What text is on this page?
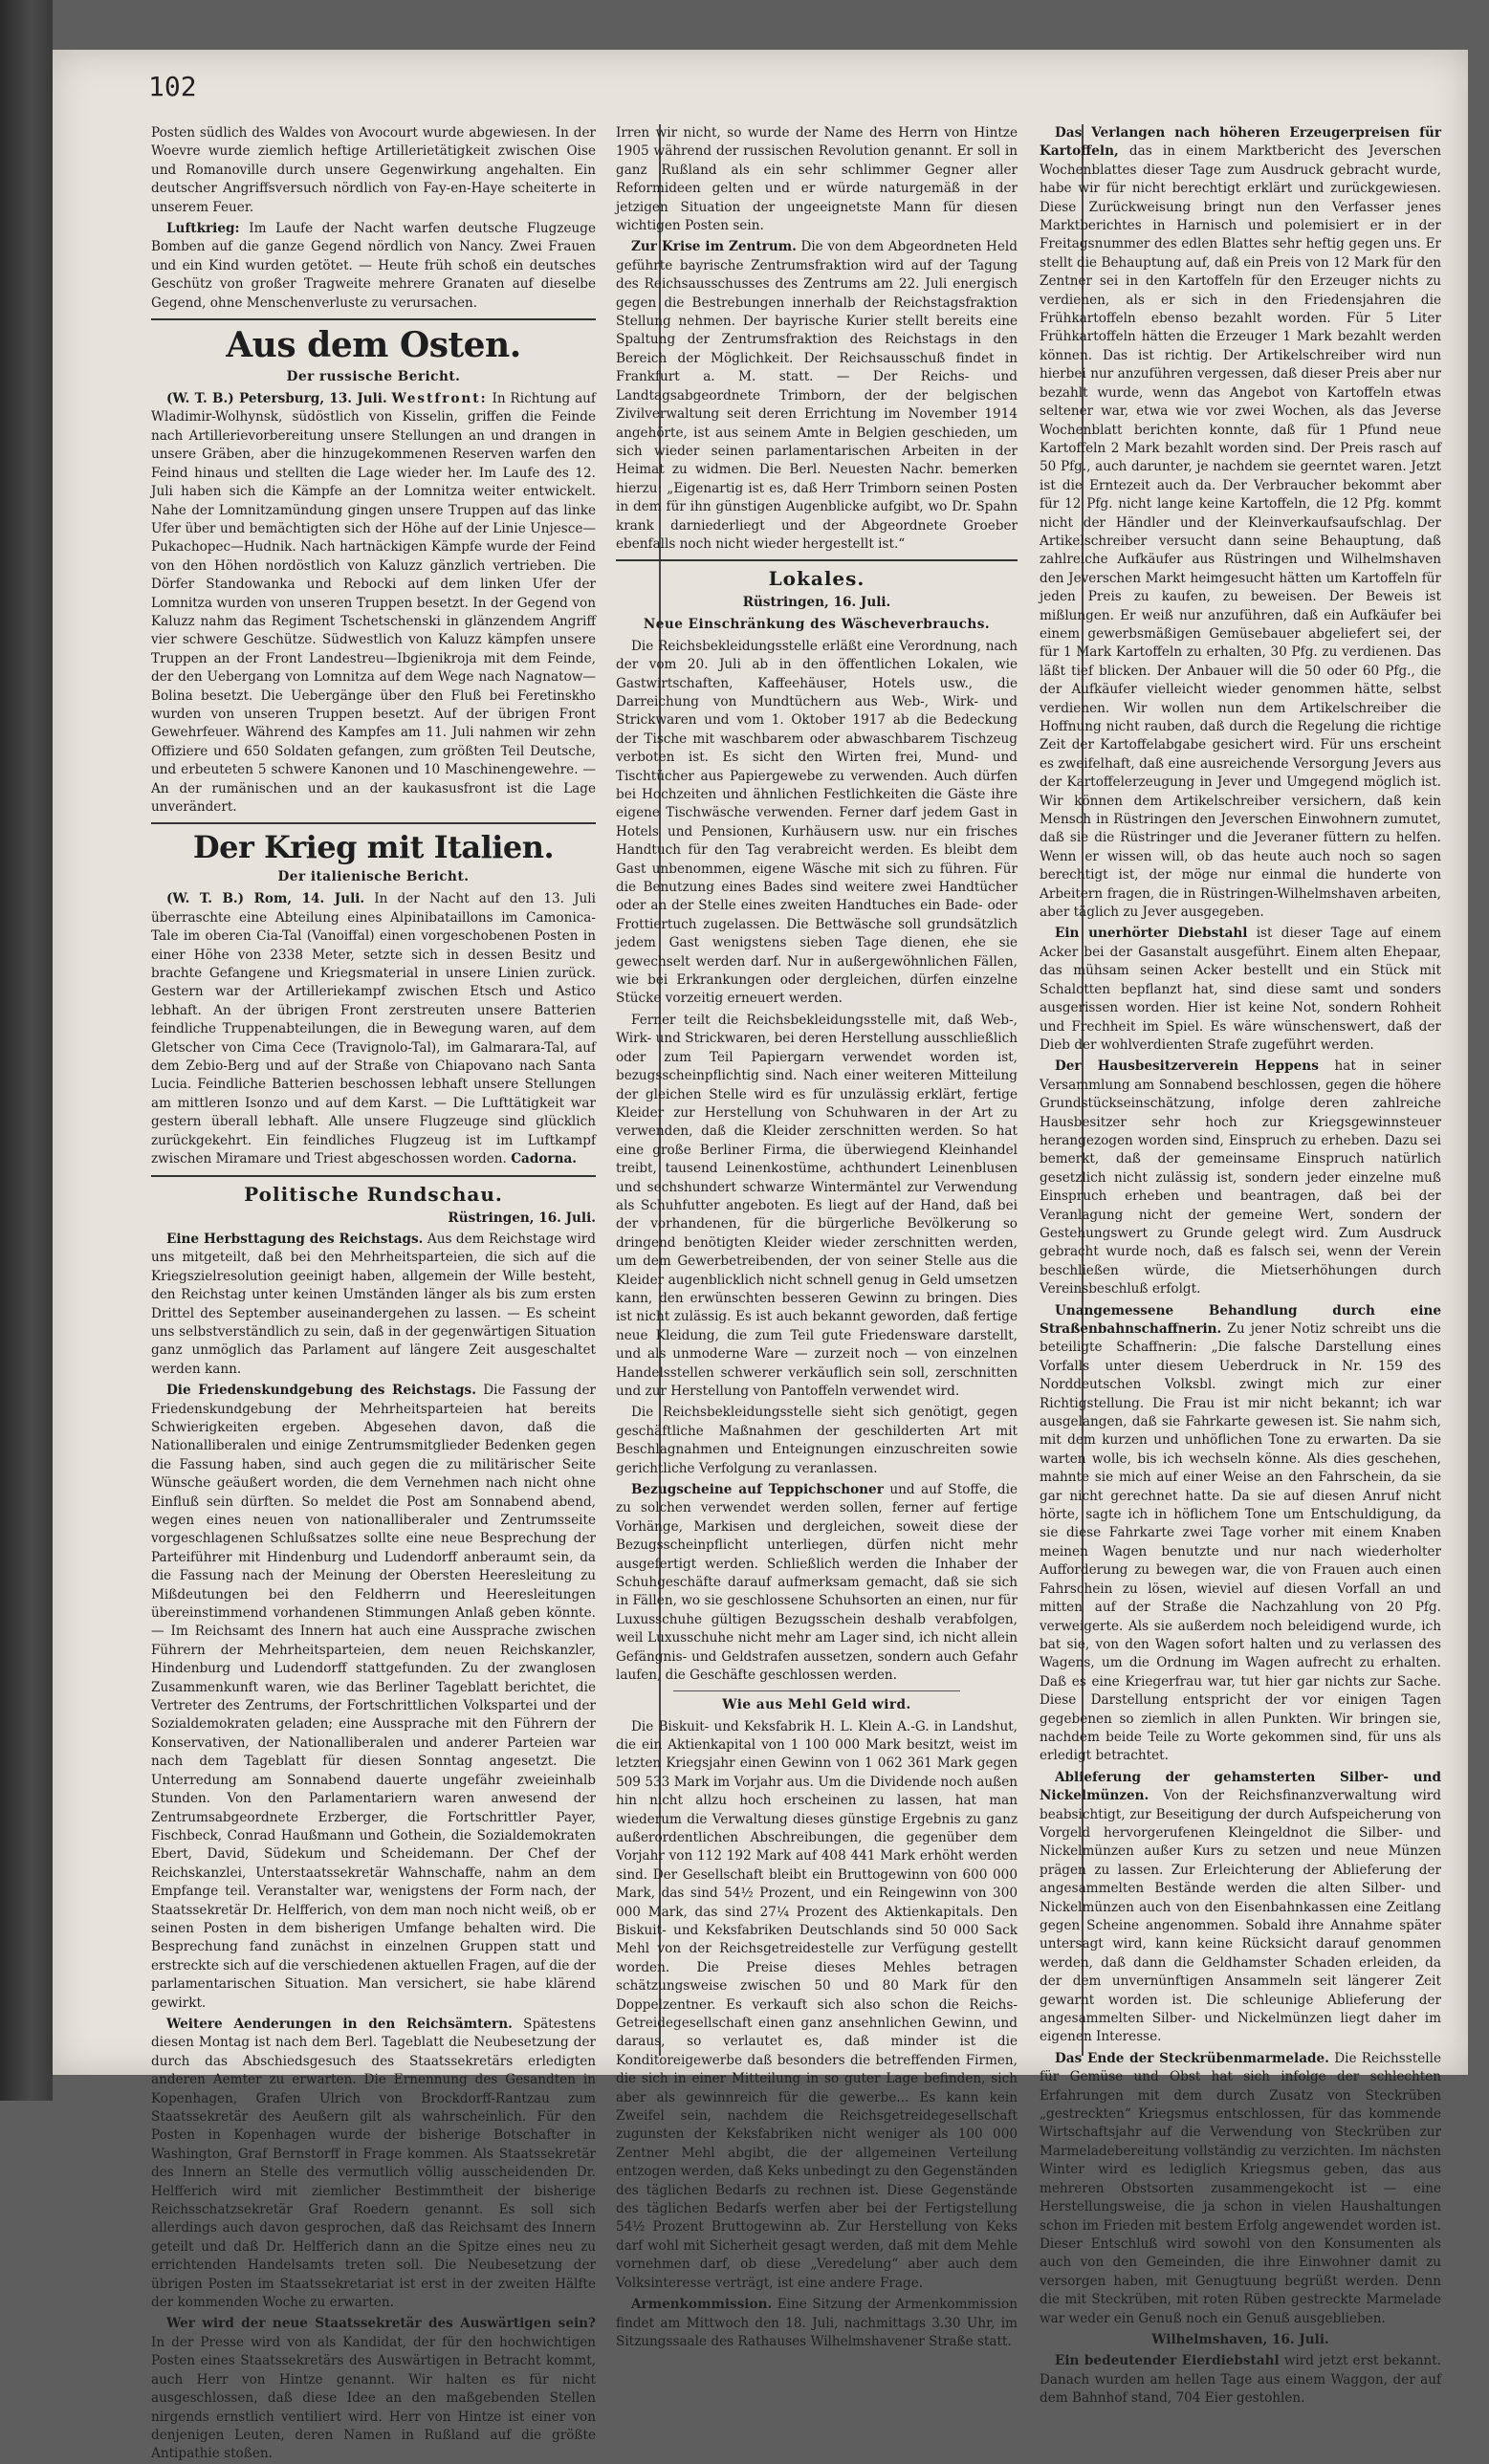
102

Posten südlich des Waldes von Avocourt wurde abgewiesen. In der Woevre wurde ziemlich heftige Artillerietätigkeit zwischen Oise und Romanoville durch unsere Gegenwirkung angehalten. Ein deutscher Angriffsversuch nördlich von Fay-en-Haye scheiterte in unserem Feuer.

Luftkrieg: Im Laufe der Nacht warfen deutsche Flugzeuge Bomben auf die ganze Gegend nördlich von Nancy. Zwei Frauen und ein Kind wurden getötet. — Heute früh schoß ein deutsches Geschütz von großer Tragweite mehrere Granaten auf dieselbe Gegend, ohne Menschenverluste zu verursachen.

Aus dem Osten.
Der russische Bericht.

(W. T. B.) Petersburg, 13. Juli. Westfront: In Richtung auf Wladimir-Wolhynsk, südöstlich von Kisselin, griffen die Feinde nach Artillerievorbereitung unsere Stellungen an und drangen in unsere Gräben, aber die hinzugekommenen Reserven warfen den Feind hinaus und stellten die Lage wieder her. Im Laufe des 12. Juli haben sich die Kämpfe an der Lomnitza weiter entwickelt. Nahe der Lomnitzamündung gingen unsere Truppen auf das linke Ufer über und bemächtigten sich der Höhe auf der Linie Unjesce—Pukachopec—Hudnik. Nach hartnäckigen Kämpfe wurde der Feind von den Höhen nordöstlich von Kaluzz gänzlich vertrieben. Die Dörfer Standowanka und Rebocki auf dem linken Ufer der Lomnitza wurden von unseren Truppen besetzt. In der Gegend von Kaluzz nahm das Regiment Tschetschenski in glänzendem Angriff vier schwere Geschütze. Südwestlich von Kaluzz kämpfen unsere Truppen an der Front Landestreu—Ibgienikroja mit dem Feinde, der den Uebergang von Lomnitza auf dem Wege nach Nagnatow—Bolina besetzt. Die Uebergänge über den Fluß bei Feretinskho wurden von unseren Truppen besetzt. Auf der übrigen Front Gewehrfeuer. Während des Kampfes am 11. Juli nahmen wir zehn Offiziere und 650 Soldaten gefangen, zum größten Teil Deutsche, und erbeuteten 5 schwere Kanonen und 10 Maschinengewehre. — An der rumänischen und an der kaukasusfront ist die Lage unverändert.

Der Krieg mit Italien.
Der italienische Bericht.

(W. T. B.) Rom, 14. Juli. In der Nacht auf den 13. Juli überraschte eine Abteilung eines Alpinibataillons im Camonica-Tale im oberen Cia-Tal (Vanoiffal) einen vorgeschobenen Posten in einer Höhe von 2338 Meter, setzte sich in dessen Besitz und brachte Gefangene und Kriegsmaterial in unsere Linien zurück. Gestern war der Artilleriekampf zwischen Etsch und Astico lebhaft. An der übrigen Front zerstreuten unsere Batterien feindliche Truppenabteilungen, die in Bewegung waren, auf dem Gletscher von Cima Cece (Travignolo-Tal), im Galmarara-Tal, auf dem Zebio-Berg und auf der Straße von Chiapovano nach Santa Lucia. Feindliche Batterien beschossen lebhaft unsere Stellungen am mittleren Isonzo und auf dem Karst. — Die Lufttätigkeit war gestern überall lebhaft. Alle unsere Flugzeuge sind glücklich zurückgekehrt. Ein feindliches Flugzeug ist im Luftkampf zwischen Miramare und Triest abgeschossen worden. Cadorna.

Politische Rundschau.
Rüstringen, 16. Juli.

Eine Herbsttagung des Reichstags. Aus dem Reichstage wird uns mitgeteilt, daß bei den Mehrheitsparteien, die sich auf die Kriegszielresolution geeinigt haben, allgemein der Wille besteht, den Reichstag unter keinen Umständen länger als bis zum ersten Drittel des September auseinandergehen zu lassen. — Es scheint uns selbstverständlich zu sein, daß in der gegenwärtigen Situation ganz unmöglich das Parlament auf längere Zeit ausgeschaltet werden kann.

Die Friedenskundgebung des Reichstags. Die Fassung der Friedenskundgebung der Mehrheitsparteien hat bereits Schwierigkeiten ergeben. Abgesehen davon, daß die Nationalliberalen und einige Zentrumsmitglieder Bedenken gegen die Fassung haben, sind auch gegen die zu militärischer Seite Wünsche geäußert worden, die dem Vernehmen nach nicht ohne Einfluß sein dürften. So meldet die Post am Sonnabend abend, wegen eines neuen von nationalliberaler und Zentrumsseite vorgeschlagenen Schlußsatzes sollte eine neue Besprechung der Parteiführer mit Hindenburg und Ludendorff anberaumt sein, da die Fassung nach der Meinung der Obersten Heeresleitung zu Mißdeutungen bei den Feldherrn und Heeresleitungen übereinstimmend vorhandenen Stimmungen Anlaß geben könnte. — Im Reichsamt des Innern hat auch eine Aussprache zwischen Führern der Mehrheitsparteien, dem neuen Reichskanzler, Hindenburg und Ludendorff stattgefunden. Zu der zwanglosen Zusammenkunft waren, wie das Berliner Tageblatt berichtet, die Vertreter des Zentrums, der Fortschrittlichen Volkspartei und der Sozialdemokraten geladen; eine Aussprache mit den Führern der Konservativen, der Nationalliberalen und anderer Parteien war nach dem Tageblatt für diesen Sonntag angesetzt. Die Unterredung am Sonnabend dauerte ungefähr zweieinhalb Stunden. Von den Parlamentariern waren anwesend der Zentrumsabgeordnete Erzberger, die Fortschrittler Payer, Fischbeck, Conrad Haußmann und Gothein, die Sozialdemokraten Ebert, David, Südekum und Scheidemann. Der Chef der Reichskanzlei, Unterstaatssekretär Wahnschaffe, nahm an dem Empfange teil. Veranstalter war, wenigstens der Form nach, der Staatssekretär Dr. Helfferich, von dem man noch nicht weiß, ob er seinen Posten in dem bisherigen Umfange behalten wird. Die Besprechung fand zunächst in einzelnen Gruppen statt und erstreckte sich auf die verschiedenen aktuellen Fragen, auf die der parlamentarischen Situation. Man versichert, sie habe klärend gewirkt.

Weitere Aenderungen in den Reichsämtern. Spätestens diesen Montag ist nach dem Berl. Tageblatt die Neubesetzung der durch das Abschiedsgesuch des Staatssekretärs erledigten anderen Aemter zu erwarten. Die Ernennung des Gesandten in Kopenhagen, Grafen Ulrich von Brockdorff-Rantzau zum Staatssekretär des Aeußern gilt als wahrscheinlich. Für den Posten in Kopenhagen wurde der bisherige Botschafter in Washington, Graf Bernstorff in Frage kommen. Als Staatssekretär des Innern an Stelle des vermutlich völlig ausscheidenden Dr. Helfferich wird mit ziemlicher Bestimmtheit der bisherige Reichsschatzsekretär Graf Roedern genannt. Es soll sich allerdings auch davon gesprochen, daß das Reichsamt des Innern geteilt und daß Dr. Helfferich dann an die Spitze eines neu zu errichtenden Handelsamts treten soll. Die Neubesetzung der übrigen Posten im Staatssekretariat ist erst in der zweiten Hälfte der kommenden Woche zu erwarten.

Wer wird der neue Staatssekretär des Auswärtigen sein? In der Presse wird von als Kandidat, der für den hochwichtigen Posten eines Staatssekretärs des Auswärtigen in Betracht kommt, auch Herr von Hintze genannt. Wir halten es für nicht ausgeschlossen, daß diese Idee an den maßgebenden Stellen nirgends ernstlich ventiliert wird. Herr von Hintze ist einer von denjenigen Leuten, deren Namen in Rußland auf die größte Antipathie stoßen.

Irren wir nicht, so wurde der Name des Herrn von Hintze 1905 während der russischen Revolution genannt. Er soll in ganz Rußland als ein sehr schlimmer Gegner aller Reformideen gelten und er würde naturgemäß in der jetzigen Situation der ungeeignetste Mann für diesen wichtigen Posten sein.

Zur Krise im Zentrum. Die von dem Abgeordneten Held geführte bayrische Zentrumsfraktion wird auf der Tagung des Reichsausschusses des Zentrums am 22. Juli energisch gegen die Bestrebungen innerhalb der Reichstagsfraktion Stellung nehmen. Der bayrische Kurier stellt bereits eine Spaltung der Zentrumsfraktion des Reichstags in den Bereich der Möglichkeit. Der Reichsausschuß findet in Frankfurt a. M. statt. — Der Reichs- und Landtagsabgeordnete Trimborn, der der belgischen Zivilverwaltung seit deren Errichtung im November 1914 angehörte, ist aus seinem Amte in Belgien geschieden, um sich wieder seinen parlamentarischen Arbeiten in der Heimat zu widmen. Die Berl. Neuesten Nachr. bemerken hierzu: „Eigenartig ist es, daß Herr Trimborn seinen Posten in dem für ihn günstigen Augenblicke aufgibt, wo Dr. Spahn krank darniederliegt und der Abgeordnete Groeber ebenfalls noch nicht wieder hergestellt ist.“

Lokales.
Rüstringen, 16. Juli.
Neue Einschränkung des Wäscheverbrauchs.

Die Reichsbekleidungsstelle erläßt eine Verordnung, nach der vom 20. Juli ab in den öffentlichen Lokalen, wie Gastwirtschaften, Kaffeehäuser, Hotels usw., die Darreichung von Mundtüchern aus Web-, Wirk- und Strickwaren und vom 1. Oktober 1917 ab die Bedeckung der Tische mit waschbarem oder abwaschbarem Tischzeug verboten ist. Es sicht den Wirten frei, Mund- und Tischtücher aus Papiergewebe zu verwenden. Auch dürfen bei Hochzeiten und ähnlichen Festlichkeiten die Gäste ihre eigene Tischwäsche verwenden. Ferner darf jedem Gast in Hotels und Pensionen, Kurhäusern usw. nur ein frisches Handtuch für den Tag verabreicht werden. Es bleibt dem Gast unbenommen, eigene Wäsche mit sich zu führen. Für die Benutzung eines Bades sind weitere zwei Handtücher oder an der Stelle eines zweiten Handtuches ein Bade- oder Frottiertuch zugelassen. Die Bettwäsche soll grundsätzlich jedem Gast wenigstens sieben Tage dienen, ehe sie gewechselt werden darf. Nur in außergewöhnlichen Fällen, wie bei Erkrankungen oder dergleichen, dürfen einzelne Stücke vorzeitig erneuert werden.

Ferner teilt die Reichsbekleidungsstelle mit, daß Web-, Wirk- und Strickwaren, bei deren Herstellung ausschließlich oder zum Teil Papiergarn verwendet worden ist, bezugsscheinpflichtig sind. Nach einer weiteren Mitteilung der gleichen Stelle wird es für unzulässig erklärt, fertige Kleider zur Herstellung von Schuhwaren in der Art zu verwenden, daß die Kleider zerschnitten werden. So hat eine große Berliner Firma, die überwiegend Kleinhandel treibt, tausend Leinenkostüme, achthundert Leinenblusen und sechshundert schwarze Wintermäntel zur Verwendung als Schuhfutter angeboten. Es liegt auf der Hand, daß bei der vorhandenen, für die bürgerliche Bevölkerung so dringend benötigten Kleider wieder zerschnitten werden, um dem Gewerbetreibenden, der von seiner Stelle aus die Kleider augenblicklich nicht schnell genug in Geld umsetzen kann, den erwünschten besseren Gewinn zu bringen. Dies ist nicht zulässig. Es ist auch bekannt geworden, daß fertige neue Kleidung, die zum Teil gute Friedensware darstellt, und als unmoderne Ware — zurzeit noch — von einzelnen Handelsstellen schwerer verkäuflich sein soll, zerschnitten und zur Herstellung von Pantoffeln verwendet wird.

Die Reichsbekleidungsstelle sieht sich genötigt, gegen geschäftliche Maßnahmen der geschilderten Art mit Beschlagnahmen und Enteignungen einzuschreiten sowie gerichtliche Verfolgung zu veranlassen.

Bezugscheine auf Teppichschoner und auf Stoffe, die zu solchen verwendet werden sollen, ferner auf fertige Vorhänge, Markisen und dergleichen, soweit diese der Bezugsscheinpflicht unterliegen, dürfen nicht mehr ausgefertigt werden. Schließlich werden die Inhaber der Schuhgeschäfte darauf aufmerksam gemacht, daß sie sich in Fällen, wo sie geschlossene Schuhsorten an einen, nur für Luxusschuhe gültigen Bezugsschein deshalb verabfolgen, weil Luxusschuhe nicht mehr am Lager sind, ich nicht allein Gefängnis- und Geldstrafen aussetzen, sondern auch Gefahr laufen, die Geschäfte geschlossen werden.

Wie aus Mehl Geld wird.

Die Biskuit- und Keksfabrik H. L. Klein A.-G. in Landshut, die ein Aktienkapital von 1 100 000 Mark besitzt, weist im letzten Kriegsjahr einen Gewinn von 1 062 361 Mark gegen 509 533 Mark im Vorjahr aus. Um die Dividende noch außen hin nicht allzu hoch erscheinen zu lassen, hat man wiederum die Verwaltung dieses günstige Ergebnis zu ganz außerordentlichen Abschreibungen, die gegenüber dem Vorjahr von 112 192 Mark auf 408 441 Mark erhöht werden sind. Der Gesellschaft bleibt ein Bruttogewinn von 600 000 Mark, das sind 54½ Prozent, und ein Reingewinn von 300 000 Mark, das sind 27¼ Prozent des Aktienkapitals. Den Biskuit- und Keksfabriken Deutschlands sind 50 000 Sack Mehl von der Reichsgetreidestelle zur Verfügung gestellt worden. Die Preise dieses Mehles betragen schätzungsweise zwischen 50 und 80 Mark für den Doppelzentner. Es verkauft sich also schon die Reichs-Getreidegesellschaft einen ganz ansehnlichen Gewinn, und daraus, so verlautet es, daß minder ist die Konditoreigewerbe daß besonders die betreffenden Firmen, die sich in einer Mitteilung in so guter Lage befinden, sich aber als gewinnreich für die gewerbe... Es kann kein Zweifel sein, nachdem die Reichsgetreidegesellschaft zugunsten der Keksfabriken nicht weniger als 100 000 Zentner Mehl abgibt, die der allgemeinen Verteilung entzogen werden, daß Keks unbedingt zu den Gegenständen des täglichen Bedarfs zu rechnen ist. Diese Gegenstände des täglichen Bedarfs werfen aber bei der Fertigstellung 54½ Prozent Bruttogewinn ab. Zur Herstellung von Keks darf wohl mit Sicherheit gesagt werden, daß mit dem Mehle vornehmen darf, ob diese „Veredelung“ aber auch dem Volksinteresse verträgt, ist eine andere Frage.

Armenkommission. Eine Sitzung der Armenkommission findet am Mittwoch den 18. Juli, nachmittags 3.30 Uhr, im Sitzungssaale des Rathauses Wilhelmshavener Straße statt.

Das Verlangen nach höheren Erzeugerpreisen für Kartoffeln, das in einem Marktbericht des Jeverschen Wochenblattes dieser Tage zum Ausdruck gebracht wurde, habe wir für nicht berechtigt erklärt und zurückgewiesen. Diese Zurückweisung bringt nun den Verfasser jenes Marktberichtes in Harnisch und polemisiert er in der Freitagsnummer des edlen Blattes sehr heftig gegen uns. Er stellt die Behauptung auf, daß ein Preis von 12 Mark für den Zentner sei in den Kartoffeln für den Erzeuger nichts zu verdienen, als er sich in den Friedensjahren die Frühkartoffeln ebenso bezahlt worden. Für 5 Liter Frühkartoffeln hätten die Erzeuger 1 Mark bezahlt werden können. Das ist richtig. Der Artikelschreiber wird nun hierbei nur anzuführen vergessen, daß dieser Preis aber nur bezahlt wurde, wenn das Angebot von Kartoffeln etwas seltener war, etwa wie vor zwei Wochen, als das Jeverse Wochenblatt berichten konnte, daß für 1 Pfund neue Kartoffeln 2 Mark bezahlt worden sind. Der Preis rasch auf 50 Pfg., auch darunter, je nachdem sie geerntet waren. Jetzt ist die Erntezeit auch da. Der Verbraucher bekommt aber für 12 Pfg. nicht lange keine Kartoffeln, die 12 Pfg. kommt nicht der Händler und der Kleinverkaufsaufschlag. Der Artikelschreiber versucht dann seine Behauptung, daß zahlreiche Aufkäufer aus Rüstringen und Wilhelmshaven den Jeverschen Markt heimgesucht hätten um Kartoffeln für jeden Preis zu kaufen, zu beweisen. Der Beweis ist mißlungen. Er weiß nur anzuführen, daß ein Aufkäufer bei einem gewerbsmäßigen Gemüsebauer abgeliefert sei, der für 1 Mark Kartoffeln zu erhalten, 30 Pfg. zu verdienen. Das läßt tief blicken. Der Anbauer will die 50 oder 60 Pfg., die der Aufkäufer vielleicht wieder genommen hätte, selbst verdienen. Wir wollen nun dem Artikelschreiber die Hoffnung nicht rauben, daß durch die Regelung die richtige Zeit der Kartoffelabgabe gesichert wird. Für uns erscheint es zweifelhaft, daß eine ausreichende Versorgung Jevers aus der Kartoffelerzeugung in Jever und Umgegend möglich ist. Wir können dem Artikelschreiber versichern, daß kein Mensch in Rüstringen den Jeverschen Einwohnern zumutet, daß sie die Rüstringer und die Jeveraner füttern zu helfen. Wenn er wissen will, ob das heute auch noch so sagen berechtigt ist, der möge nur einmal die hunderte von Arbeitern fragen, die in Rüstringen-Wilhelmshaven arbeiten, aber täglich zu Jever ausgegeben.

Ein unerhörter Diebstahl ist dieser Tage auf einem Acker bei der Gasanstalt ausgeführt. Einem alten Ehepaar, das mühsam seinen Acker bestellt und ein Stück mit Schalotten bepflanzt hat, sind diese samt und sonders ausgerissen worden. Hier ist keine Not, sondern Rohheit und Frechheit im Spiel. Es wäre wünschenswert, daß der Dieb der wohlverdienten Strafe zugeführt werden.

Der Hausbesitzerverein Heppens hat in seiner Versammlung am Sonnabend beschlossen, gegen die höhere Grundstückseinschätzung, infolge deren zahlreiche Hausbesitzer sehr hoch zur Kriegsgewinnsteuer herangezogen worden sind, Einspruch zu erheben. Dazu sei bemerkt, daß der gemeinsame Einspruch natürlich gesetzlich nicht zulässig ist, sondern jeder einzelne muß Einspruch erheben und beantragen, daß bei der Veranlagung nicht der gemeine Wert, sondern der Gestehungswert zu Grunde gelegt wird. Zum Ausdruck gebracht wurde noch, daß es falsch sei, wenn der Verein beschließen würde, die Mietserhöhungen durch Vereinsbeschluß erfolgt.

Unangemessene Behandlung durch eine Straßenbahnschaffnerin. Zu jener Notiz schreibt uns die beteiligte Schaffnerin: „Die falsche Darstellung eines Vorfalls unter diesem Ueberdruck in Nr. 159 des Norddeutschen Volksbl. zwingt mich zur einer Richtigstellung. Die Frau ist mir nicht bekannt; ich war ausgelangen, daß sie Fahrkarte gewesen ist. Sie nahm sich, mit dem kurzen und unhöflichen Tone zu erwarten. Da sie warten wolle, bis ich wechseln könne. Als dies geschehen, mahnte sie mich auf einer Weise an den Fahrschein, da sie gar nicht gerechnet hatte. Da sie auf diesen Anruf nicht hörte, sagte ich in höflichem Tone um Entschuldigung, da sie diese Fahrkarte zwei Tage vorher mit einem Knaben meinen Wagen benutzte und nur nach wiederholter Aufforderung zu bewegen war, die von Frauen auch einen Fahrschein zu lösen, wieviel auf diesen Vorfall an und mitten auf der Straße die Nachzahlung von 20 Pfg. verweigerte. Als sie außerdem noch beleidigend wurde, ich bat sie, von den Wagen sofort halten und zu verlassen des Wagens, um die Ordnung im Wagen aufrecht zu erhalten. Daß es eine Kriegerfrau war, tut hier gar nichts zur Sache. Diese Darstellung entspricht der vor einigen Tagen gegebenen so ziemlich in allen Punkten. Wir bringen sie, nachdem beide Teile zu Worte gekommen sind, für uns als erledigt betrachtet.

Ablieferung der gehamsterten Silber- und Nickelmünzen. Von der Reichsfinanzverwaltung wird beabsichtigt, zur Beseitigung der durch Aufspeicherung von Vorgeld hervorgerufenen Kleingeldnot die Silber- und Nickelmünzen außer Kurs zu setzen und neue Münzen prägen zu lassen. Zur Erleichterung der Ablieferung der angesammelten Bestände werden die alten Silber- und Nickelmünzen auch von den Eisenbahnkassen eine Zeitlang gegen Scheine angenommen. Sobald ihre Annahme später untersagt wird, kann keine Rücksicht darauf genommen werden, daß dann die Geldhamster Schaden erleiden, da der dem unvernünftigen Ansammeln seit längerer Zeit gewarnt worden ist. Die schleunige Ablieferung der angesammelten Silber- und Nickelmünzen liegt daher im eigenen Interesse.

Das Ende der Steckrübenmarmelade. Die Reichsstelle für Gemüse und Obst hat sich infolge der schlechten Erfahrungen mit dem durch Zusatz von Steckrüben „gestreckten“ Kriegsmus entschlossen, für das kommende Wirtschaftsjahr auf die Verwendung von Steckrüben zur Marmeladebereitung vollständig zu verzichten. Im nächsten Winter wird es lediglich Kriegsmus geben, das aus mehreren Obstsorten zusammengekocht ist — eine Herstellungsweise, die ja schon in vielen Haushaltungen schon im Frieden mit bestem Erfolg angewendet worden ist. Dieser Entschluß wird sowohl von den Konsumenten als auch von den Gemeinden, die ihre Einwohner damit zu versorgen haben, mit Genugtuung begrüßt werden. Denn die mit Steckrüben, mit roten Rüben gestreckte Marmelade war weder ein Genuß noch ein Genuß ausgeblieben.

Wilhelmshaven, 16. Juli.

Ein bedeutender Eierdiebstahl wird jetzt erst bekannt. Danach wurden am hellen Tage aus einem Waggon, der auf dem Bahnhof stand, 704 Eier gestohlen.
